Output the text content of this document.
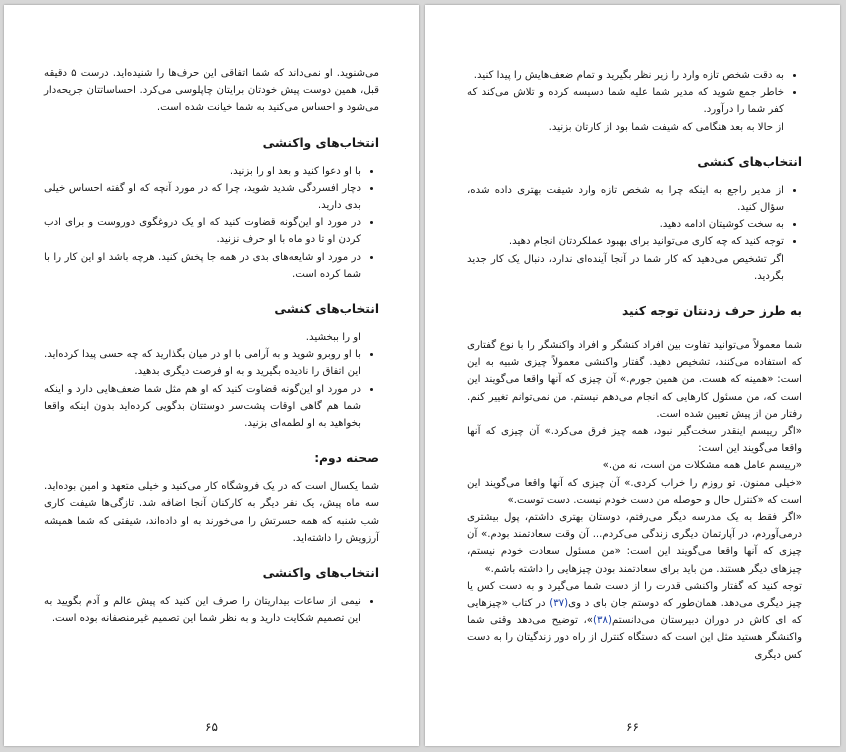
می‌شنوید. او نمی‌داند که شما اتفاقی این حرف‌ها را شنیده‌اید. درست ۵ دقیقه قبل، همین دوست پیش خودتان برایتان چاپلوسی می‌کرد. احساساتتان جریحه‌دار می‌شود و احساس می‌کنید به شما خیانت شده است.

انتخاب‌های واکنشی
• با او دعوا کنید و بعد او را بزنید.
• دچار افسردگی شدید شوید، چرا که در مورد آنچه که او گفته احساس خیلی بدی دارید.
• در مورد او این‌گونه قضاوت کنید که او یک دروغگوی دوروست و برای ادب کردن او تا دو ماه با او حرف نزنید.
• در مورد او شایعه‌های بدی در همه جا پخش کنید. هرچه باشد او این کار را با شما کرده است.
انتخاب‌های کنشی

او را ببخشید.

• با او روبرو شوید و به آرامی با او در میان بگذارید که چه حسی پیدا کرده‌اید. این اتفاق را نادیده بگیرید و به او فرصت دیگری بدهید.
• در مورد او این‌گونه قضاوت کنید که او هم مثل شما ضعف‌هایی دارد و اینکه شما هم گاهی اوقات پشت‌سر دوستتان بدگویی کرده‌اید بدون اینکه واقعا بخواهید به او لطمه‌ای بزنید.
صحنه دوم:

شما یکسال است که در یک فروشگاه کار می‌کنید و خیلی متعهد و امین بوده‌اید. سه ماه پیش، یک نفر دیگر به کارکنان آنجا اضافه شد. تازگی‌ها شیفت کاری شب شنبه که همه حسرتش را می‌خورند به او داده‌اند، شیفتی که شما همیشه آرزویش را داشته‌اید.

انتخاب‌های واکنشی
• نیمی از ساعات بیداریتان را صرف این کنید که پیش عالم و آدم بگویید به این تصمیم شکایت دارید و به نظر شما این تصمیم غیرمنصفانه بوده است.
۶۵
• به دقت شخص تازه وارد را زیر نظر بگیرید و تمام ضعف‌هایش را پیدا کنید.
• خاطر جمع شوید که مدیر شما علیه شما دسیسه کرده و تلاش می‌کند که کفر شما را درآورد.

از حالا به بعد هنگامی که شیفت شما بود از کارتان بزنید.

انتخاب‌های کنشی
• از مدیر راجع به اینکه چرا به شخص تازه وارد شیفت بهتری داده شده، سؤال کنید.
• به سخت کوشیتان ادامه دهید.
• توجه کنید که چه کاری می‌توانید برای بهبود عملکردتان انجام دهید.

اگر تشخیص می‌دهید که کار شما در آنجا آینده‌ای ندارد، دنبال یک کار جدید بگردید.

به طرز حرف زدنتان توجه کنید

شما معمولاً می‌توانید تفاوت بین افراد کنشگر و افراد واکنشگر را با نوع گفتاری که استفاده می‌کنند، تشخیص دهید. گفتار واکنشی معمولاً چیزی شبیه به این است: «همینه که هست. من همین جورم.» آن چیزی که آنها واقعا می‌گویند این است که، من مسئول کارهایی که انجام می‌دهم نیستم. من نمی‌توانم تغییر کنم. رفتار من از پیش تعیین شده است.

«اگر رییسم اینقدر سخت‌گیر نبود، همه چیز فرق می‌کرد.» آن چیزی که آنها واقعا می‌گویند این است:

«رییسم عامل همه مشکلات من است، نه من.»

«خیلی ممنون. تو روزم را خراب کردی.» آن چیزی که آنها واقعا می‌گویند این است که «کنترل حال و حوصله من دست خودم نیست. دست توست.»

«اگر فقط به یک مدرسه دیگر می‌رفتم، دوستان بهتری داشتم، پول بیشتری درمی‌آوردم، در آپارتمان دیگری زندگی می‌کردم... آن وقت سعادتمند بودم.» آن چیزی که آنها واقعا می‌گویند این است: «من مسئول سعادت خودم نیستم، چیزهای دیگر هستند. من باید برای سعادتمند بودن چیزهایی را داشته باشم.»

توجه کنید که گفتار واکنشی قدرت را از دست شما می‌گیرد و به دست کس یا چیز دیگری می‌دهد. همان‌طور که دوستم جان بای د وی(۳۷) در کتاب «چیزهایی که ای کاش در دوران دبیرستان می‌دانستم(۳۸)»، توضیح می‌دهد وقتی شما واکنشگر هستید مثل این است که دستگاه کنترل از راه دور زندگیتان را به دست کس دیگری

۶۶
